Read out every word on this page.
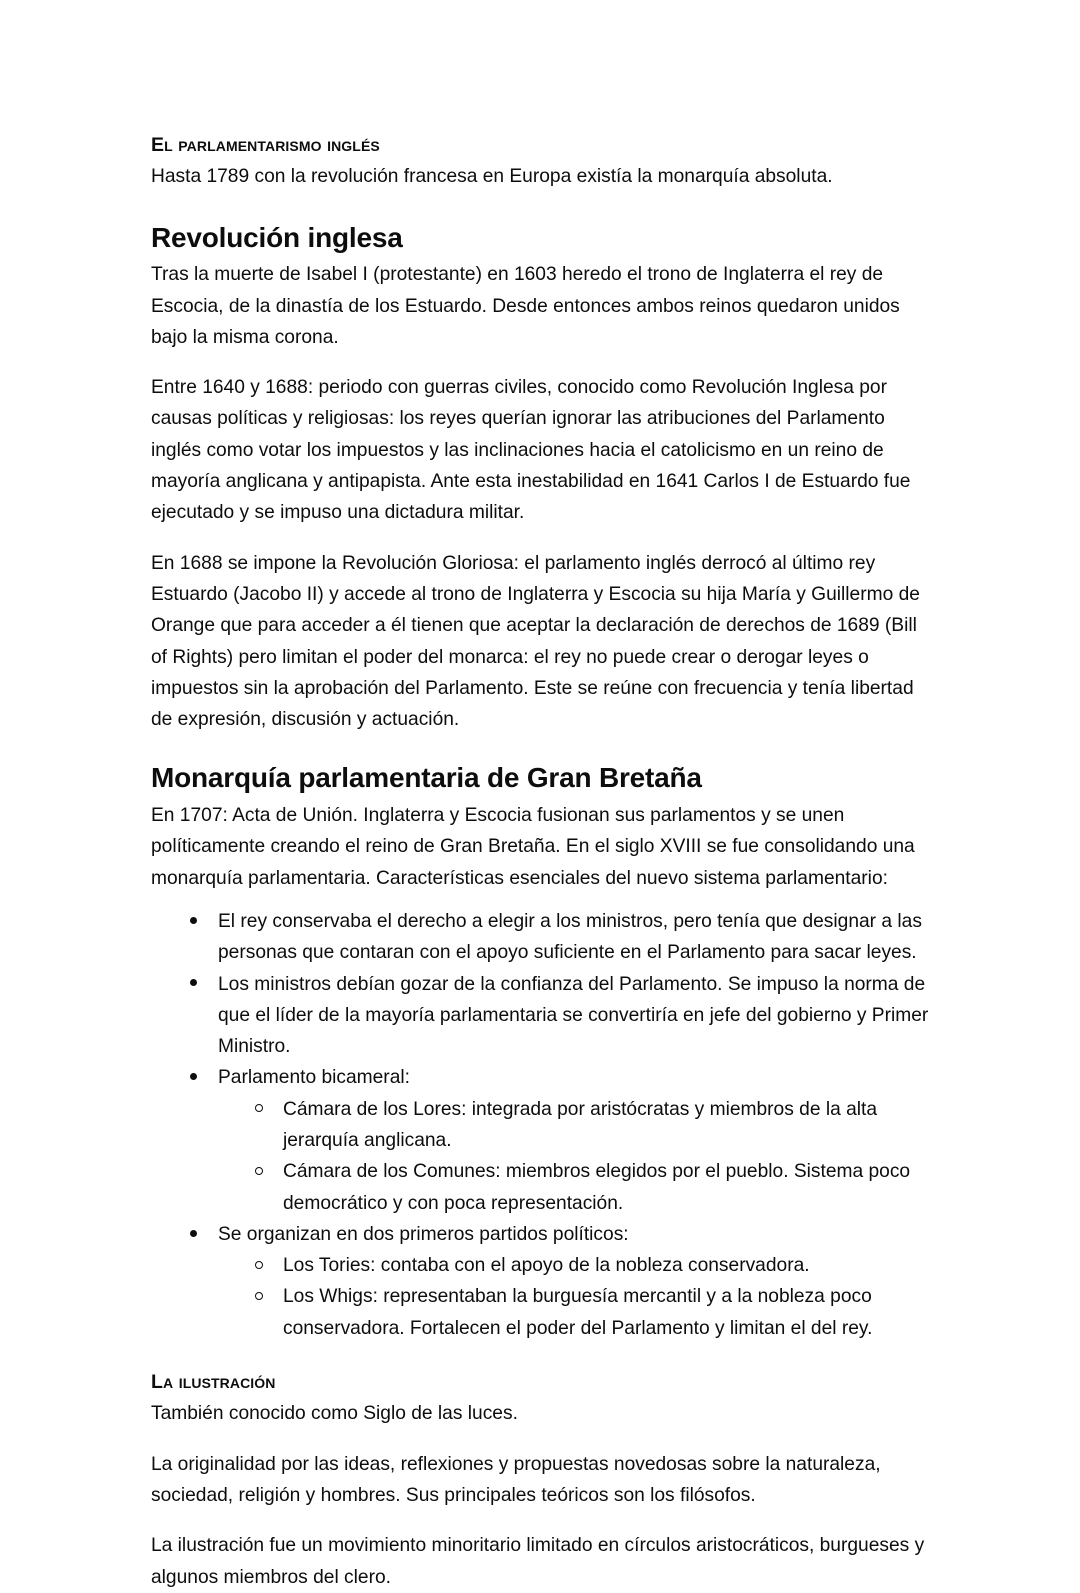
El parlamentarismo inglés

Hasta 1789 con la revolución francesa en Europa existía la monarquía absoluta.

Revolución inglesa

Tras la muerte de Isabel I (protestante) en 1603 heredo el trono de Inglaterra el rey de Escocia, de la dinastía de los Estuardo. Desde entonces ambos reinos quedaron unidos bajo la misma corona.

Entre 1640 y 1688: periodo con guerras civiles, conocido como Revolución Inglesa por causas políticas y religiosas: los reyes querían ignorar las atribuciones del Parlamento inglés como votar los impuestos y las inclinaciones hacia el catolicismo en un reino de mayoría anglicana y antipapista. Ante esta inestabilidad en 1641 Carlos I de Estuardo fue ejecutado y se impuso una dictadura militar.

En 1688 se impone la Revolución Gloriosa: el parlamento inglés derrocó al último rey Estuardo (Jacobo II) y accede al trono de Inglaterra y Escocia su hija María y Guillermo de Orange que para acceder a él tienen que aceptar la declaración de derechos de 1689 (Bill of Rights) pero limitan el poder del monarca: el rey no puede crear o derogar leyes o impuestos sin la aprobación del Parlamento. Este se reúne con frecuencia y tenía libertad de expresión, discusión y actuación.

Monarquía parlamentaria de Gran Bretaña

En 1707: Acta de Unión. Inglaterra y Escocia fusionan sus parlamentos y se unen políticamente creando el reino de Gran Bretaña. En el siglo XVIII se fue consolidando una monarquía parlamentaria. Características esenciales del nuevo sistema parlamentario:

El rey conservaba el derecho a elegir a los ministros, pero tenía que designar a las personas que contaran con el apoyo suficiente en el Parlamento para sacar leyes.
Los ministros debían gozar de la confianza del Parlamento. Se impuso la norma de que el líder de la mayoría parlamentaria se convertiría en jefe del gobierno y Primer Ministro.
Parlamento bicameral:
Cámara de los Lores: integrada por aristócratas y miembros de la alta jerarquía anglicana.
Cámara de los Comunes: miembros elegidos por el pueblo. Sistema poco democrático y con poca representación.
Se organizan en dos primeros partidos políticos:
Los Tories: contaba con el apoyo de la nobleza conservadora.
Los Whigs: representaban la burguesía mercantil y a la nobleza poco conservadora. Fortalecen el poder del Parlamento y limitan el del rey.
La ilustración

También conocido como Siglo de las luces.

La originalidad por las ideas, reflexiones y propuestas novedosas sobre la naturaleza, sociedad, religión y hombres. Sus principales teóricos son los filósofos.

La ilustración fue un movimiento minoritario limitado en círculos aristocráticos, burgueses y algunos miembros del clero.
